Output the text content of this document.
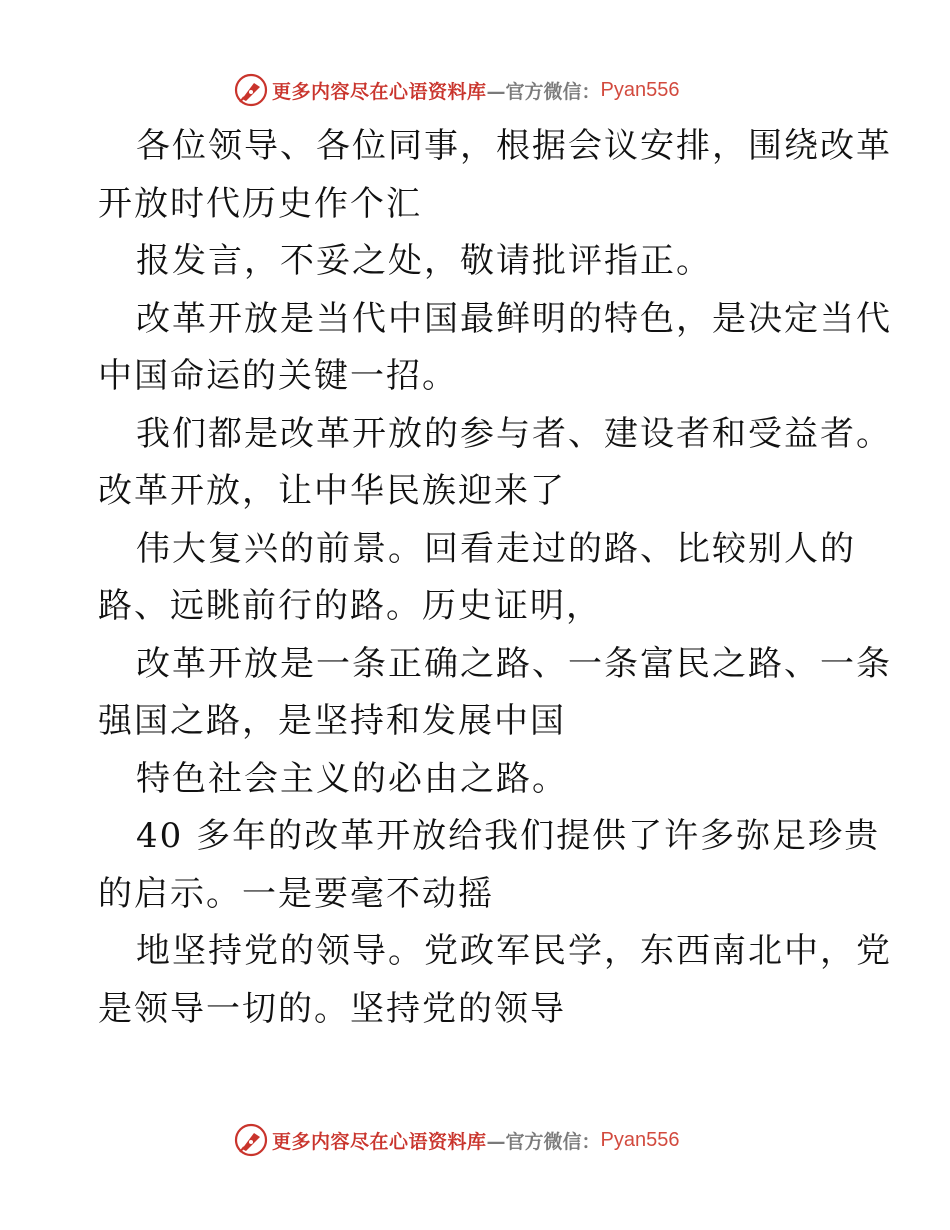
更多内容尽在心语资料库 —官方微信： Pyan556
各位领导、各位同事，根据会议安排，围绕改革
开放时代历史作个汇
报发言，不妥之处，敬请批评指正。
改革开放是当代中国最鲜明的特色，是决定当代
中国命运的关键一招。
我们都是改革开放的参与者、建设者和受益者。
改革开放，让中华民族迎来了
伟大复兴的前景。回看走过的路、比较别人的
路、远眺前行的路。历史证明，
改革开放是一条正确之路、一条富民之路、一条
强国之路，是坚持和发展中国
特色社会主义的必由之路。
40 多年的改革开放给我们提供了许多弥足珍贵
的启示。一是要毫不动摇
地坚持党的领导。党政军民学，东西南北中，党
是领导一切的。坚持党的领导
更多内容尽在心语资料库 —官方微信： Pyan556
